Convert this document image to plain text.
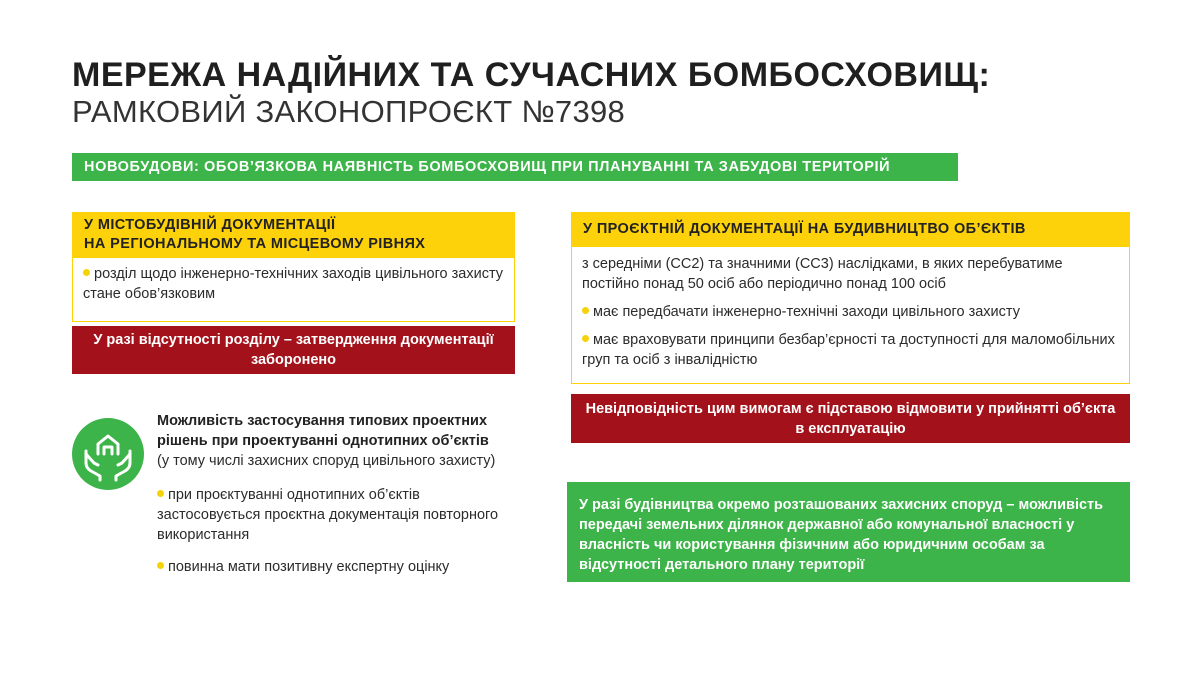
МЕРЕЖА НАДІЙНИХ ТА СУЧАСНИХ БОМБОСХОВИЩ:
РАМКОВИЙ ЗАКОНОПРОЄКТ №7398
НОВОБУДОВИ: ОБОВ’ЯЗКОВА НАЯВНІСТЬ БОМБОСХОВИЩ ПРИ ПЛАНУВАННІ ТА ЗАБУДОВІ ТЕРИТОРІЙ
У МІСТОБУДІВНІЙ ДОКУМЕНТАЦІЇ
НА РЕГІОНАЛЬНОМУ ТА МІСЦЕВОМУ РІВНЯХ
розділ щодо інженерно-технічних заходів цивільного захисту стане обов’язковим
У разі відсутності розділу – затвердження документації заборонено

Можливість застосування типових проектних рішень при проектуванні однотипних об’єктів (у тому числі захисних споруд цивільного захисту)

при проєктуванні однотипних об’єктів застосовується проєктна документація повторного використання

повинна мати позитивну експертну оцінку

У ПРОЄКТНІЙ ДОКУМЕНТАЦІЇ НА БУДИВНИЦТВО ОБ’ЄКТІВ

з середніми (СС2) та значними (СС3) наслідками, в яких перебуватиме постійно понад 50 осіб або періодично понад 100 осіб

має передбачати інженерно-технічні заходи цивільного захисту

має враховувати принципи безбар’єрності та доступності для маломобільних груп та осіб з інвалідністю

Невідповідність цим вимогам є підставою відмовити у прийнятті об’єкта в експлуатацію
У разі будівництва окремо розташованих захисних споруд – можливість передачі земельних ділянок державної або комунальної власності у власність чи користування фізичним або юридичним особам за відсутності детального плану території
